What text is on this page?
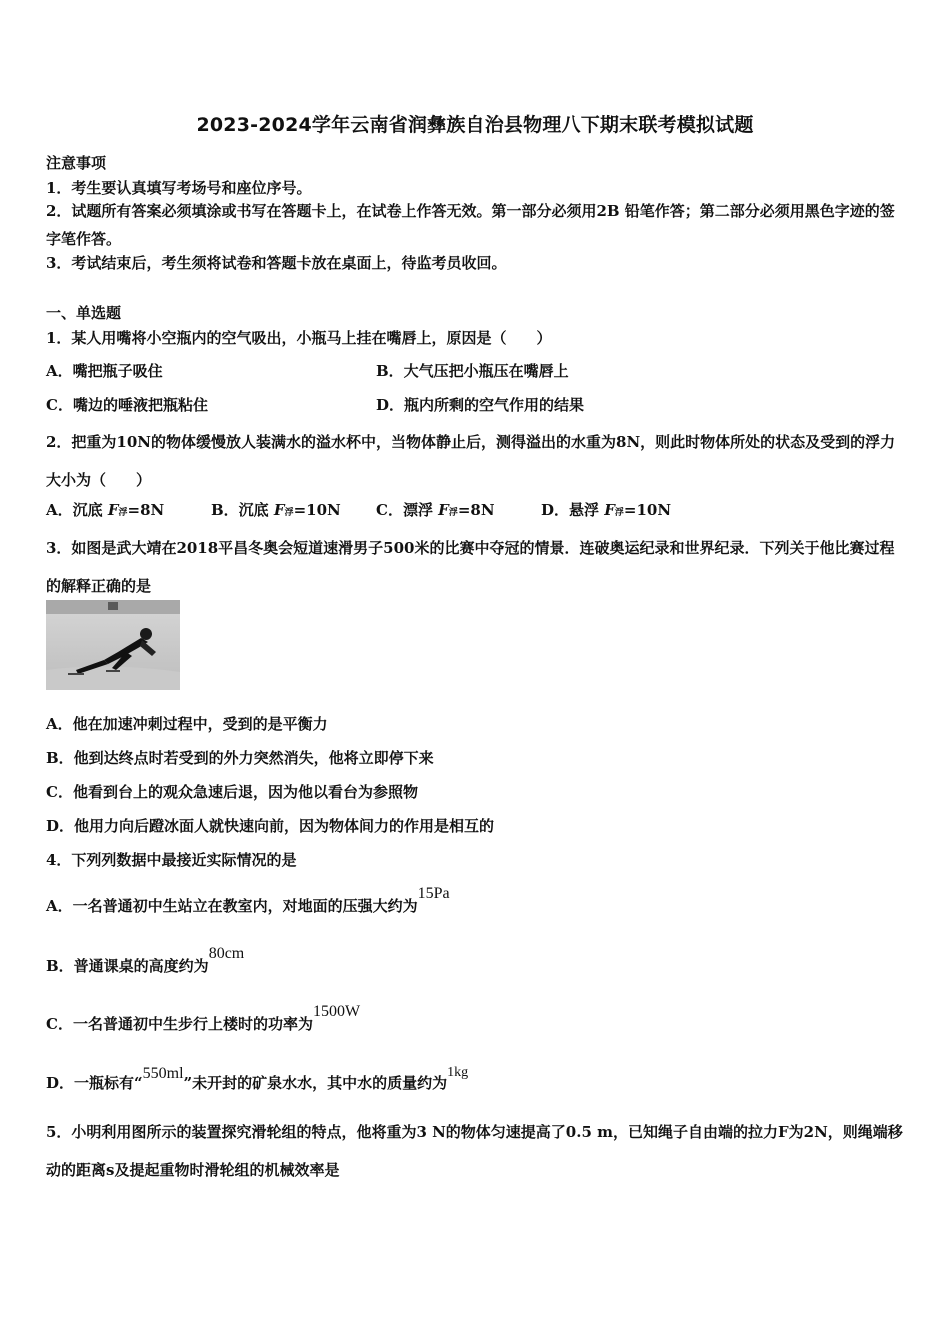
2023-2024学年云南省润彝族自治县物理八下期末联考模拟试题
注意事项
1．考生要认真填写考场号和座位序号。
2．试题所有答案必须填涂或书写在答题卡上，在试卷上作答无效。第一部分必须用2B 铅笔作答；第二部分必须用黑色字迹的签字笔作答。
3．考试结束后，考生须将试卷和答题卡放在桌面上，待监考员收回。
一、单选题
1．某人用嘴将小空瓶内的空气吸出，小瓶马上挂在嘴唇上，原因是（　　）
A．嘴把瓶子吸住	B．大气压把小瓶压在嘴唇上
C．嘴边的唾液把瓶粘住	D．瓶内所剩的空气作用的结果
2．把重为10N的物体缓慢放人装满水的溢水杯中，当物体静止后，测得溢出的水重为8N，则此时物体所处的状态及受到的浮力大小为（　　）
A．沉底 F浮=8N	B．沉底 F浮=10N C．漂浮 F浮=8N	D．悬浮 F浮=10N
3．如图是武大靖在2018平昌冬奥会短道速滑男子500米的比赛中夺冠的情景．连破奥运纪录和世界纪录．下列关于他比赛过程的解释正确的是
A．他在加速冲刺过程中，受到的是平衡力
B．他到达终点时若受到的外力突然消失，他将立即停下来
C．他看到台上的观众急速后退，因为他以看台为参照物
D．他用力向后蹬冰面人就快速向前，因为物体间力的作用是相互的
4．下列列数据中最接近实际情况的是
A．一名普通初中生站立在教室内，对地面的压强大约为15Pa
B．普通课桌的高度约为80cm
C．一名普通初中生步行上楼时的功率为1500W
D．一瓶标有“550ml”未开封的矿泉水水，其中水的质量约为1kg
5．小明利用图所示的装置探究滑轮组的特点，他将重为3 N的物体匀速提高了0.5 m，已知绳子自由端的拉力F为2N，则绳端移动的距离s及提起重物时滑轮组的机械效率是
